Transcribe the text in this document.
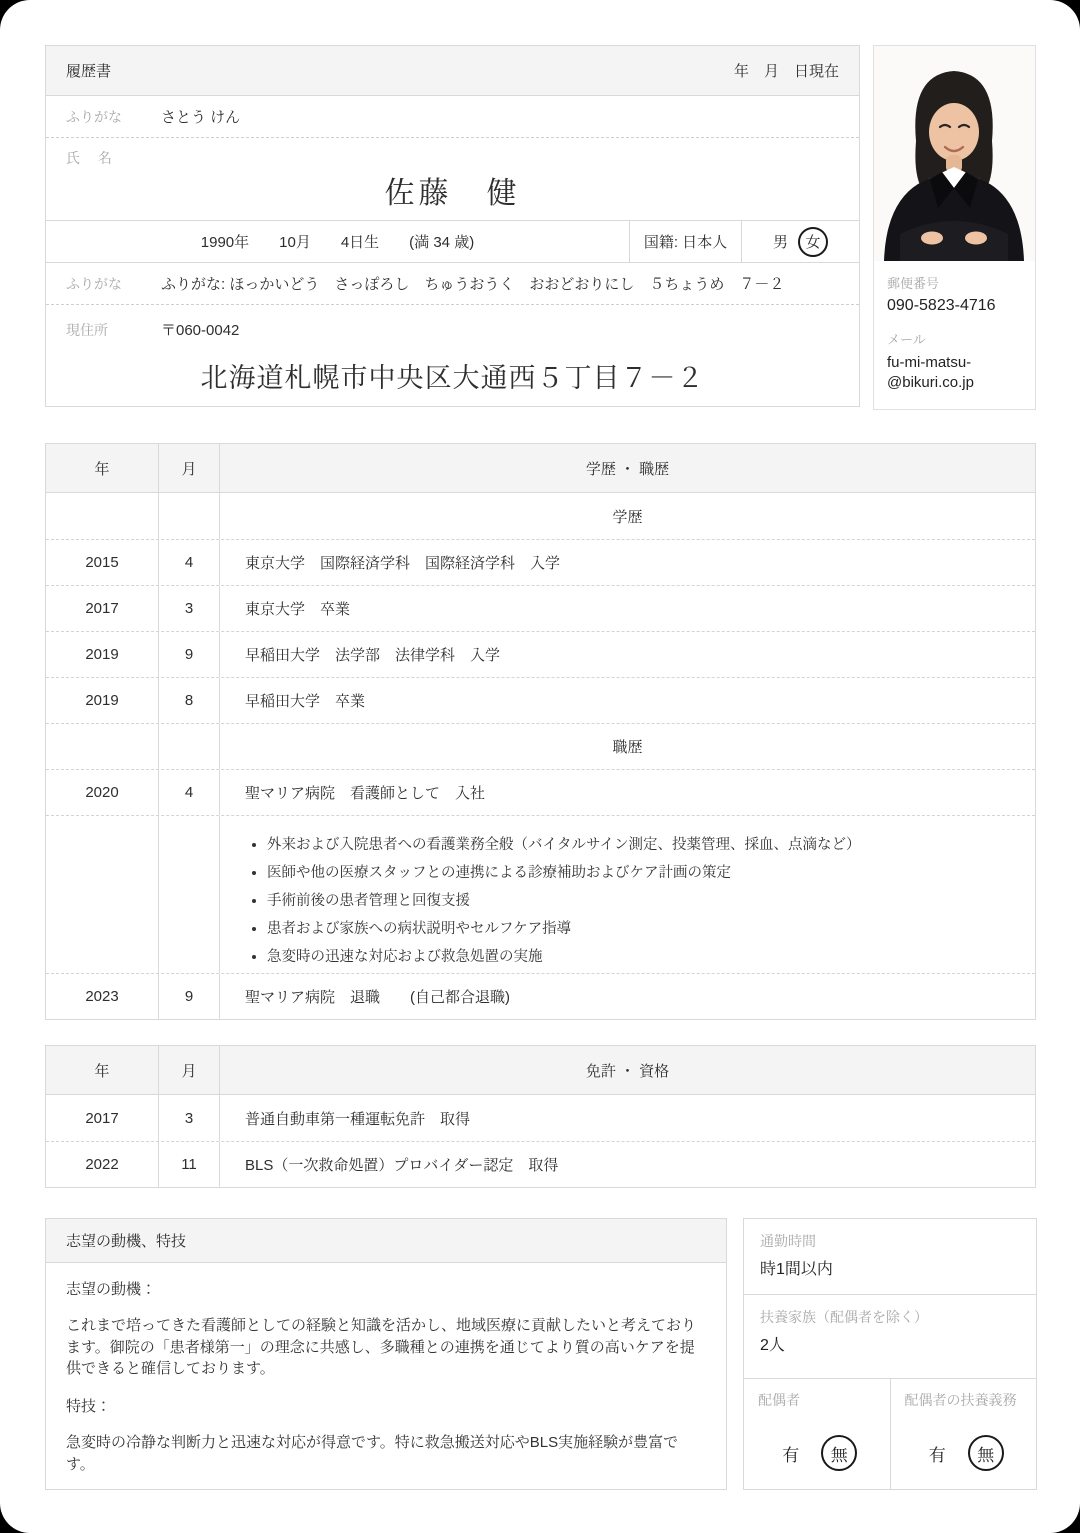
履歴書	年　月　日現在
ふりがな	さとう けん
氏　名
佐藤　健
1990年　　10月　　4日生　　(満 34 歳)	国籍: 日本人	男 女
ふりがな	ふりがな: ほっかいどう　さっぽろし　ちゅうおうく　おおどおりにし　５ちょうめ　７－２
現住所	〒060-0042
北海道札幌市中央区大通西５丁目７－２
郵便番号
090-5823-4716
メール
fu-mi-matsu-
@bikuri.co.jp
年	月	学歴 ・ 職歴
学歴
2015	4	東京大学　国際経済学科　国際経済学科　入学
2017	3	東京大学　卒業
2019	9	早稲田大学　法学部　法律学科　入学
2019	8	早稲田大学　卒業
職歴
2020	4	聖マリア病院　看護師として　入社
• 外来および入院患者への看護業務全般（バイタルサイン測定、投薬管理、採血、点滴など）
• 医師や他の医療スタッフとの連携による診療補助およびケア計画の策定
• 手術前後の患者管理と回復支援
• 患者および家族への病状説明やセルフケア指導
• 急変時の迅速な対応および救急処置の実施
2023	9	聖マリア病院　退職　　(自己都合退職)
年	月	免許 ・ 資格
2017	3	普通自動車第一種運転免許　取得
2022	11	BLS（一次救命処置）プロバイダー認定　取得
志望の動機、特技
志望の動機：
これまで培ってきた看護師としての経験と知識を活かし、地域医療に貢献したいと考えております。御院の「患者様第一」の理念に共感し、多職種との連携を通じてより質の高いケアを提供できると確信しております。
特技：
急変時の冷静な判断力と迅速な対応が得意です。特に救急搬送対応やBLS実施経験が豊富です。
通勤時間
時1間以内
扶養家族（配偶者を除く）
2人
配偶者
有 無
配偶者の扶養義務
有 無
